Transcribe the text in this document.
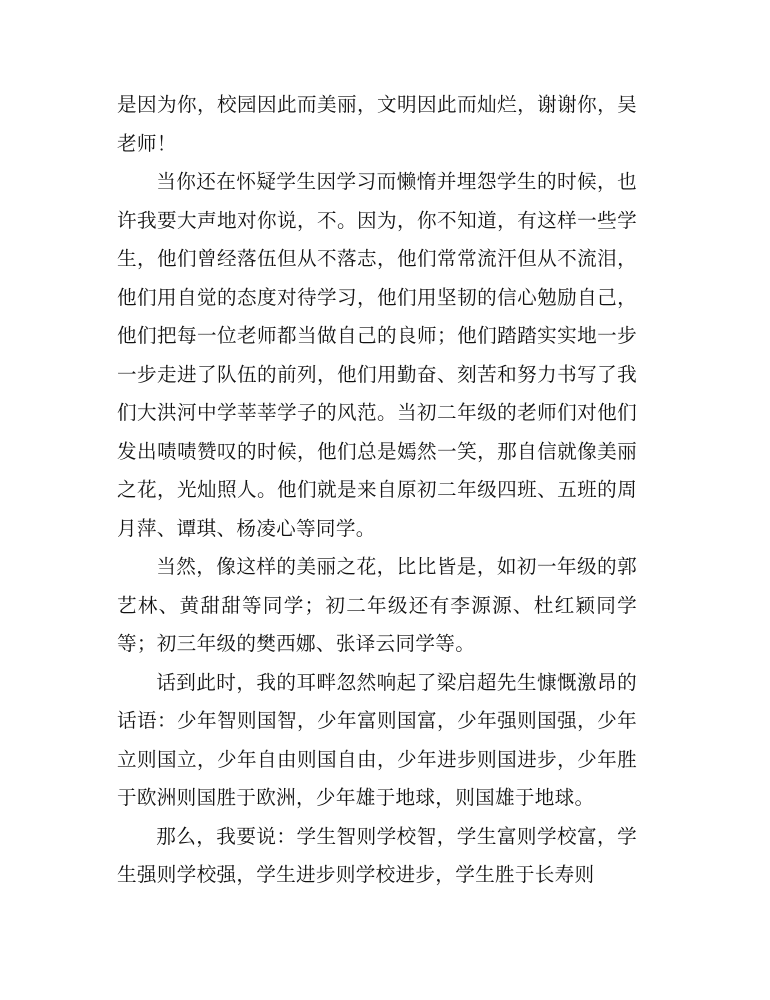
是因为你，校园因此而美丽，文明因此而灿烂，谢谢你，吴老师！

当你还在怀疑学生因学习而懒惰并埋怨学生的时候，也许我要大声地对你说，不。因为，你不知道，有这样一些学生，他们曾经落伍但从不落志，他们常常流汗但从不流泪，他们用自觉的态度对待学习，他们用坚韧的信心勉励自己，他们把每一位老师都当做自己的良师；他们踏踏实实地一步一步走进了队伍的前列，他们用勤奋、刻苦和努力书写了我们大洪河中学莘莘学子的风范。当初二年级的老师们对他们发出啧啧赞叹的时候，他们总是嫣然一笑，那自信就像美丽之花，光灿照人。他们就是来自原初二年级四班、五班的周月萍、谭琪、杨凌心等同学。

当然，像这样的美丽之花，比比皆是，如初一年级的郭艺林、黄甜甜等同学；初二年级还有李源源、杜红颖同学等；初三年级的樊西娜、张译云同学等。

话到此时，我的耳畔忽然响起了梁启超先生慷慨激昂的话语：少年智则国智，少年富则国富，少年强则国强，少年立则国立，少年自由则国自由，少年进步则国进步，少年胜于欧洲则国胜于欧洲，少年雄于地球，则国雄于地球。

那么，我要说：学生智则学校智，学生富则学校富，学生强则学校强，学生进步则学校进步，学生胜于长寿则
